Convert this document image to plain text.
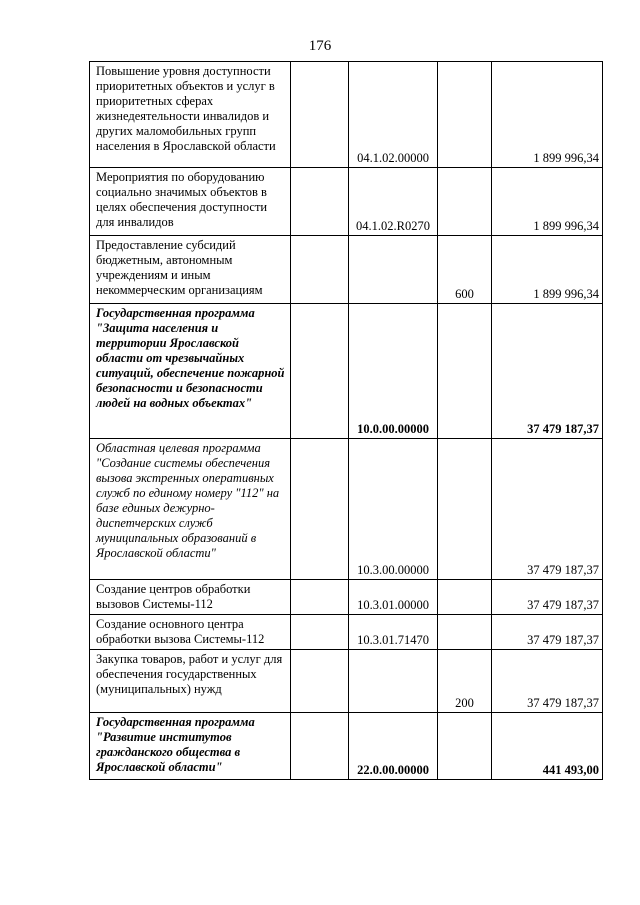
176
Повышение уровня доступности приоритетных объектов и услуг в приоритетных сферах жизнедеятельности инвалидов и других маломобильных групп населения в Ярославской области		04.1.02.00000		1 899 996,34
Мероприятия по оборудованию социально значимых объектов в целях обеспечения доступности для инвалидов		04.1.02.R0270		1 899 996,34
Предоставление субсидий бюджетным, автономным учреждениям и иным некоммерческим организациям			600	1 899 996,34
Государственная программа "Защита населения и территории Ярославской области от чрезвычайных ситуаций, обеспечение пожарной безопасности и безопасности людей на водных объектах"		10.0.00.00000		37 479 187,37
Областная целевая программа "Создание системы обеспечения вызова экстренных оперативных служб по единому номеру "112" на базе единых дежурно-диспетчерских служб муниципальных образований в Ярославской области"		10.3.00.00000		37 479 187,37
Создание центров обработки вызовов Системы-112		10.3.01.00000		37 479 187,37
Создание основного центра обработки вызова Системы-112		10.3.01.71470		37 479 187,37
Закупка товаров, работ и услуг для обеспечения государственных (муниципальных) нужд			200	37 479 187,37
Государственная программа "Развитие институтов гражданского общества в Ярославской области"		22.0.00.00000		441 493,00
